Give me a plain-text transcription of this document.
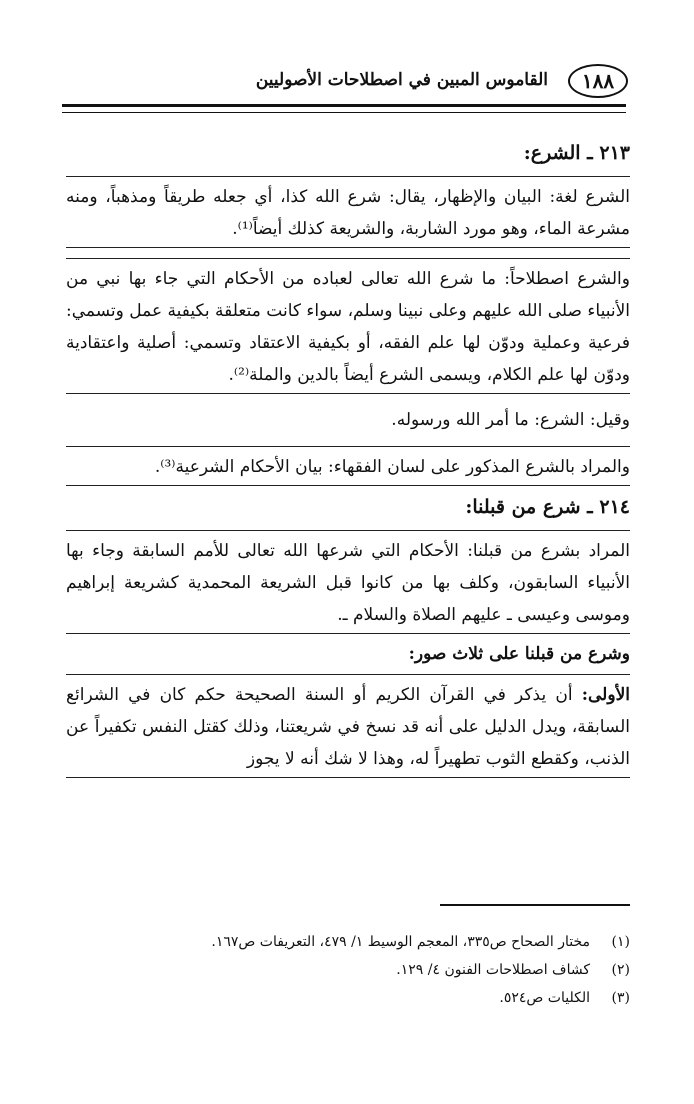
١٨٨
القاموس المبين في اصطلاحات الأصوليين
٢١٣ ـ الشرع:

الشرع لغة: البيان والإظهار، يقال: شرع الله كذا، أي جعله طريقاً ومذهباً، ومنه مشرعة الماء، وهو مورد الشاربة، والشريعة كذلك أيضاً⁽¹⁾.

والشرع اصطلاحاً: ما شرع الله تعالى لعباده من الأحكام التي جاء بها نبي من الأنبياء صلى الله عليهم وعلى نبينا وسلم، سواء كانت متعلقة بكيفية عمل وتسمي: فرعية وعملية ودوّن لها علم الفقه، أو بكيفية الاعتقاد وتسمي: أصلية واعتقادية ودوّن لها علم الكلام، ويسمى الشرع أيضاً بالدين والملة⁽²⁾.

وقيل: الشرع: ما أمر الله ورسوله.

والمراد بالشرع المذكور على لسان الفقهاء: بيان الأحكام الشرعية⁽³⁾.

٢١٤ ـ شرع من قبلنا:

المراد بشرع من قبلنا: الأحكام التي شرعها الله تعالى للأمم السابقة وجاء بها الأنبياء السابقون، وكلف بها من كانوا قبل الشريعة المحمدية كشريعة إبراهيم وموسى وعيسى ـ عليهم الصلاة والسلام ـ.

وشرع من قبلنا على ثلاث صور:

الأولى: أن يذكر في القرآن الكريم أو السنة الصحيحة حكم كان في الشرائع السابقة، ويدل الدليل على أنه قد نسخ في شريعتنا، وذلك كقتل النفس تكفيراً عن الذنب، وكقطع الثوب تطهيراً له، وهذا لا شك أنه لا يجوز

(١)مختار الصحاح ص٣٣٥، المعجم الوسيط ١/ ٤٧٩، التعريفات ص١٦٧.
(٢)كشاف اصطلاحات الفنون ٤/ ١٢٩.
(٣)الكليات ص٥٢٤.
